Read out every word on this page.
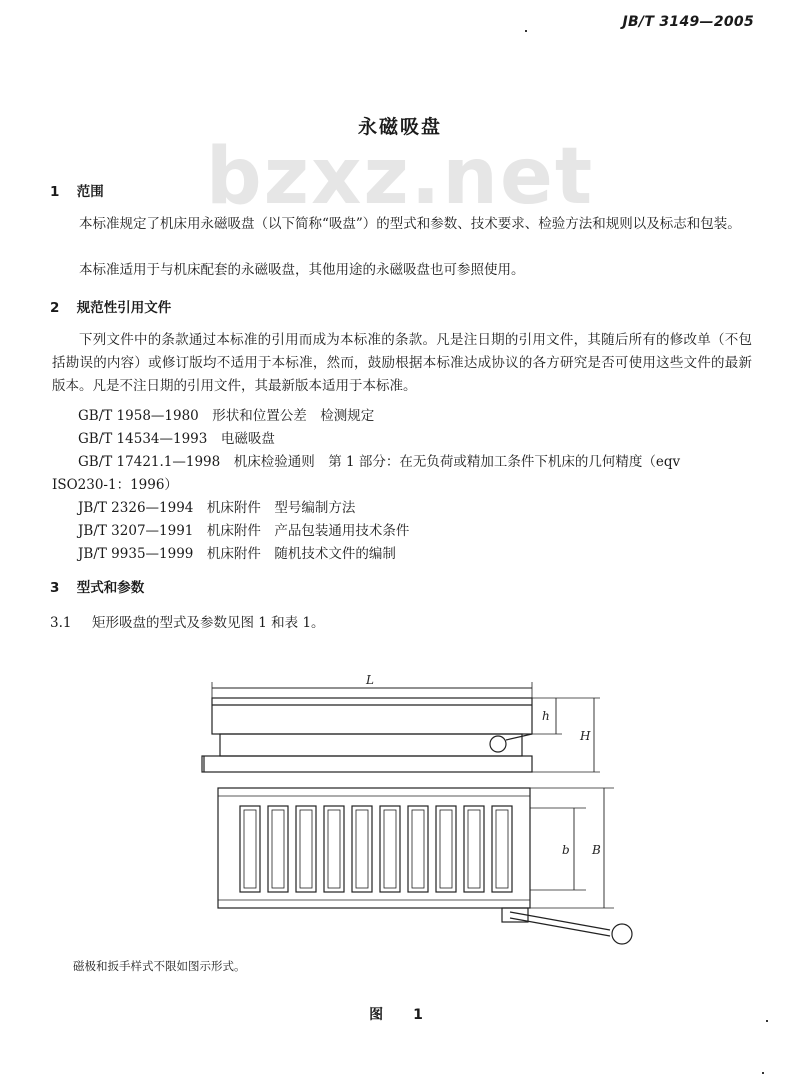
JB/T 3149—2005
bzxz.net
永磁吸盘
1 范围
本标准规定了机床用永磁吸盘（以下简称“吸盘”）的型式和参数、技术要求、检验方法和规则以及标志和包装。
本标准适用于与机床配套的永磁吸盘，其他用途的永磁吸盘也可参照使用。
2 规范性引用文件
下列文件中的条款通过本标准的引用而成为本标准的条款。凡是注日期的引用文件，其随后所有的修改单（不包括勘误的内容）或修订版均不适用于本标准，然而，鼓励根据本标准达成协议的各方研究是否可使用这些文件的最新版本。凡是不注日期的引用文件，其最新版本适用于本标准。
GB/T 1958—1980　形状和位置公差　检测规定
GB/T 14534—1993　电磁吸盘
GB/T 17421.1—1998　机床检验通则　第 1 部分：在无负荷或精加工条件下机床的几何精度（eqv
ISO230-1：1996）
JB/T 2326—1994　机床附件　型号编制方法
JB/T 3207—1991　机床附件　产品包装通用技术条件
JB/T 9935—1999　机床附件　随机技术文件的编制
3 型式和参数
3.1 矩形吸盘的型式及参数见图 1 和表 1。
L
h
H
b B
磁极和扳手样式不限如图示形式。
图　1
